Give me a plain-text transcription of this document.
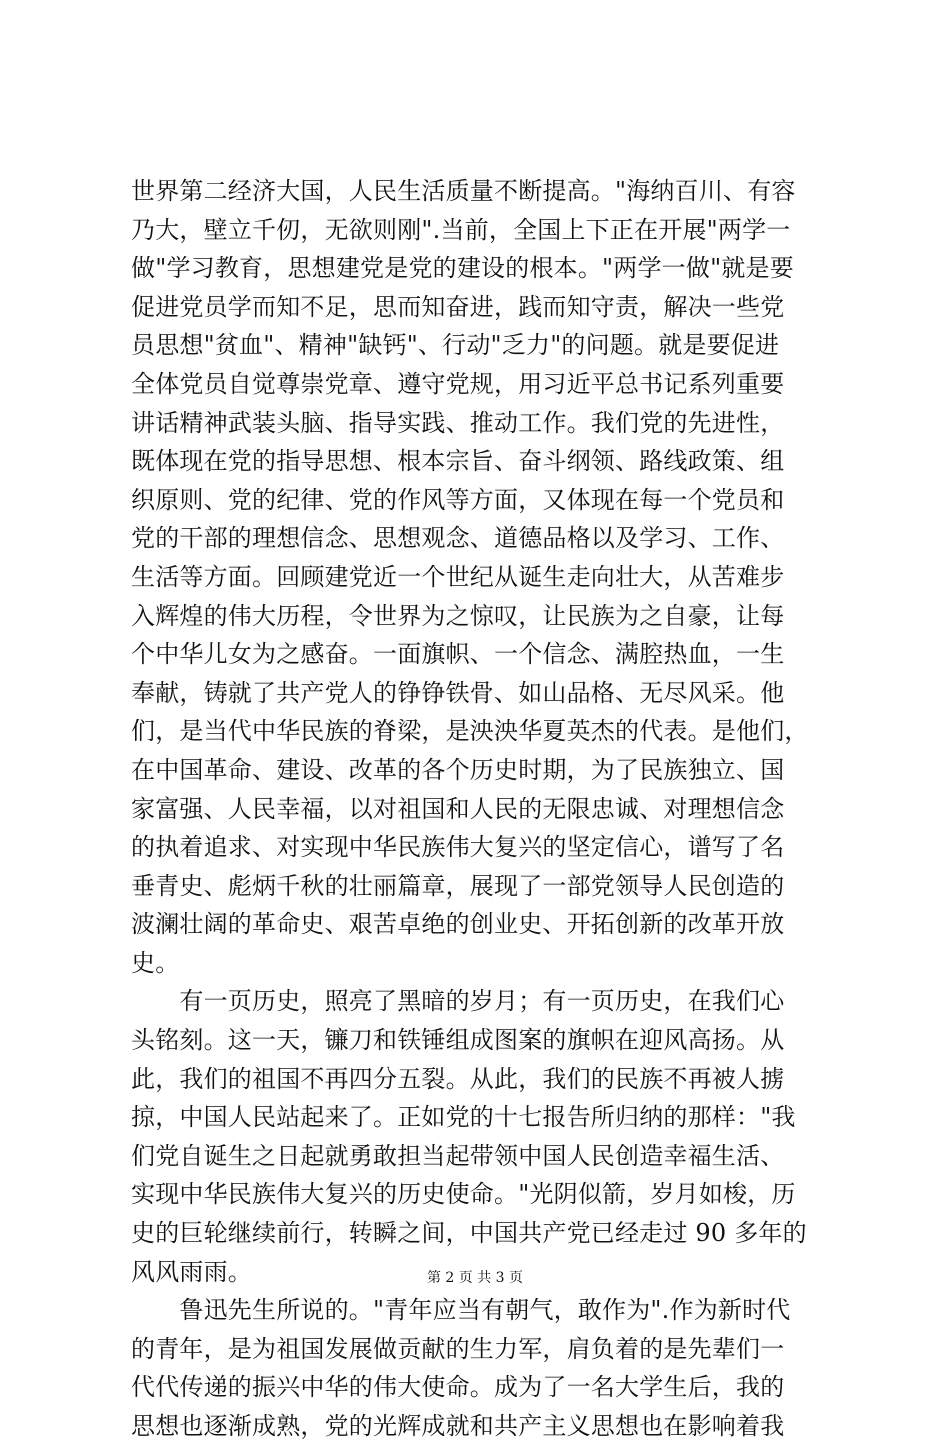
世界第二经济大国，人民生活质量不断提高。"海纳百川、有容
乃大，壁立千仞，无欲则刚".当前，全国上下正在开展"两学一
做"学习教育，思想建党是党的建设的根本。"两学一做"就是要
促进党员学而知不足，思而知奋进，践而知守责，解决一些党
员思想"贫血"、精神"缺钙"、行动"乏力"的问题。就是要促进
全体党员自觉尊崇党章、遵守党规，用习近平总书记系列重要
讲话精神武装头脑、指导实践、推动工作。我们党的先进性，
既体现在党的指导思想、根本宗旨、奋斗纲领、路线政策、组
织原则、党的纪律、党的作风等方面，又体现在每一个党员和
党的干部的理想信念、思想观念、道德品格以及学习、工作、
生活等方面。回顾建党近一个世纪从诞生走向壮大，从苦难步
入辉煌的伟大历程，令世界为之惊叹，让民族为之自豪，让每
个中华儿女为之感奋。一面旗帜、一个信念、满腔热血，一生
奉献，铸就了共产党人的铮铮铁骨、如山品格、无尽风采。他
们，是当代中华民族的脊梁，是泱泱华夏英杰的代表。是他们，
在中国革命、建设、改革的各个历史时期，为了民族独立、国
家富强、人民幸福，以对祖国和人民的无限忠诚、对理想信念
的执着追求、对实现中华民族伟大复兴的坚定信心，谱写了名
垂青史、彪炳千秋的壮丽篇章，展现了一部党领导人民创造的
波澜壮阔的革命史、艰苦卓绝的创业史、开拓创新的改革开放
史。
　　有一页历史，照亮了黑暗的岁月；有一页历史，在我们心
头铭刻。这一天，镰刀和铁锤组成图案的旗帜在迎风高扬。从
此，我们的祖国不再四分五裂。从此，我们的民族不再被人掳
掠，中国人民站起来了。正如党的十七报告所归纳的那样："我
们党自诞生之日起就勇敢担当起带领中国人民创造幸福生活、
实现中华民族伟大复兴的历史使命。"光阴似箭，岁月如梭，历
史的巨轮继续前行，转瞬之间，中国共产党已经走过 90 多年的
风风雨雨。
　　鲁迅先生所说的。"青年应当有朝气，敢作为".作为新时代
的青年，是为祖国发展做贡献的生力军，肩负着的是先辈们一
代代传递的振兴中华的伟大使命。成为了一名大学生后，我的
思想也逐渐成熟，党的光辉成就和共产主义思想也在影响着我
第 2 页 共 3 页
